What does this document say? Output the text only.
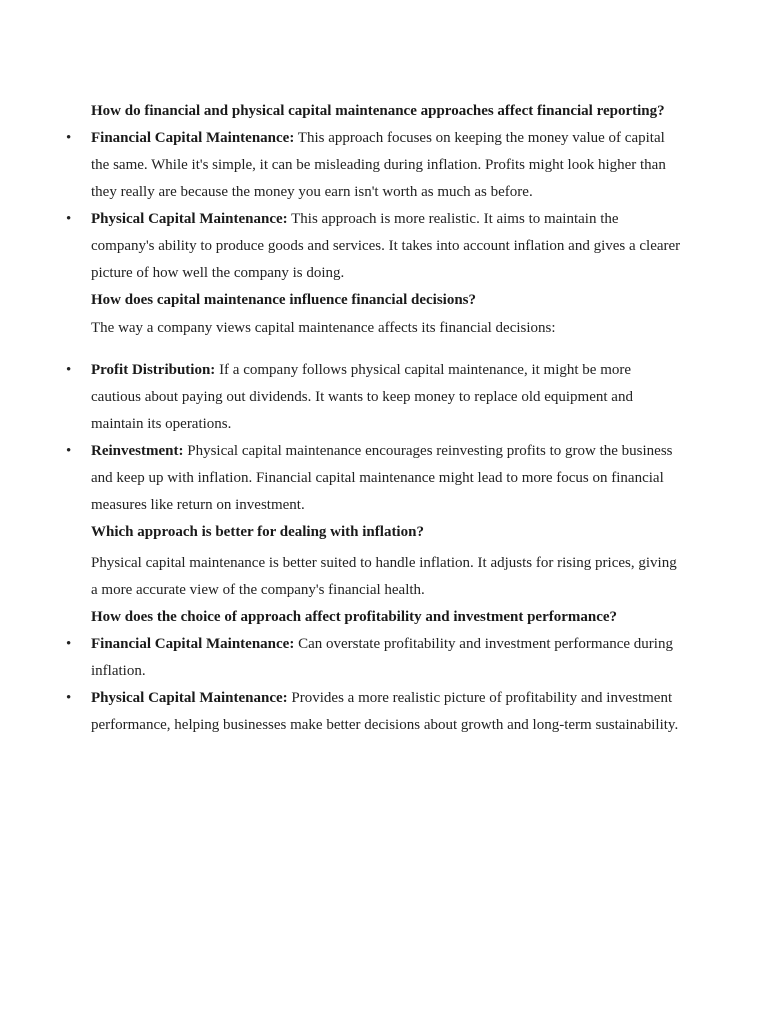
How do financial and physical capital maintenance approaches affect financial reporting?

• Financial Capital Maintenance: This approach focuses on keeping the money value of capital the same. While it's simple, it can be misleading during inflation. Profits might look higher than they really are because the money you earn isn't worth as much as before.
• Physical Capital Maintenance: This approach is more realistic. It aims to maintain the company's ability to produce goods and services. It takes into account inflation and gives a clearer picture of how well the company is doing.

How does capital maintenance influence financial decisions?

The way a company views capital maintenance affects its financial decisions:

• Profit Distribution: If a company follows physical capital maintenance, it might be more cautious about paying out dividends. It wants to keep money to replace old equipment and maintain its operations.
• Reinvestment: Physical capital maintenance encourages reinvesting profits to grow the business and keep up with inflation. Financial capital maintenance might lead to more focus on financial measures like return on investment.

Which approach is better for dealing with inflation?

Physical capital maintenance is better suited to handle inflation. It adjusts for rising prices, giving a more accurate view of the company's financial health.

How does the choice of approach affect profitability and investment performance?

• Financial Capital Maintenance: Can overstate profitability and investment performance during inflation.
• Physical Capital Maintenance: Provides a more realistic picture of profitability and investment performance, helping businesses make better decisions about growth and long-term sustainability.
